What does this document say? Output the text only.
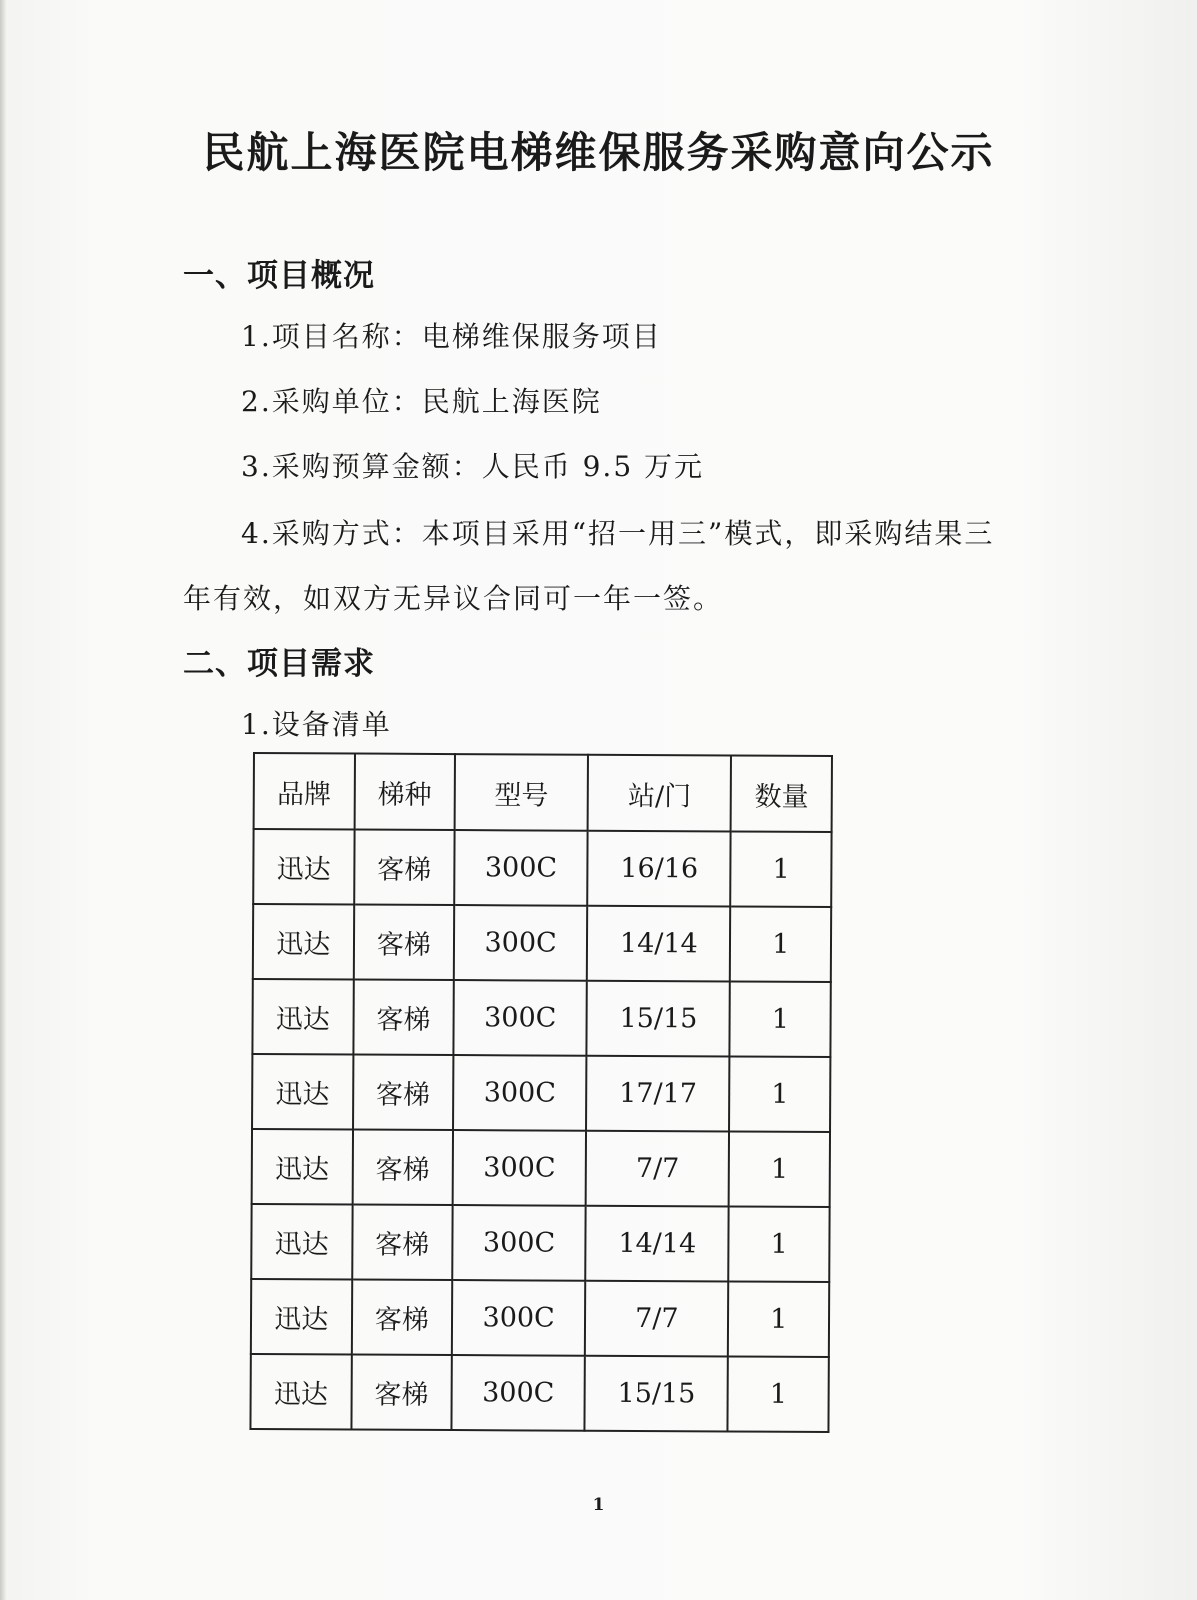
民航上海医院电梯维保服务采购意向公示
一、项目概况
1.项目名称：电梯维保服务项目
2.采购单位：民航上海医院
3.采购预算金额：人民币 9.5 万元
4.采购方式：本项目采用“招一用三”模式，即采购结果三
年有效，如双方无异议合同可一年一签。
二、项目需求
1.设备清单
品牌	梯种	型号	站/门	数量
迅达	客梯	300C	16/16	1
迅达	客梯	300C	14/14	1
迅达	客梯	300C	15/15	1
迅达	客梯	300C	17/17	1
迅达	客梯	300C	7/7	1
迅达	客梯	300C	14/14	1
迅达	客梯	300C	7/7	1
迅达	客梯	300C	15/15	1
1
